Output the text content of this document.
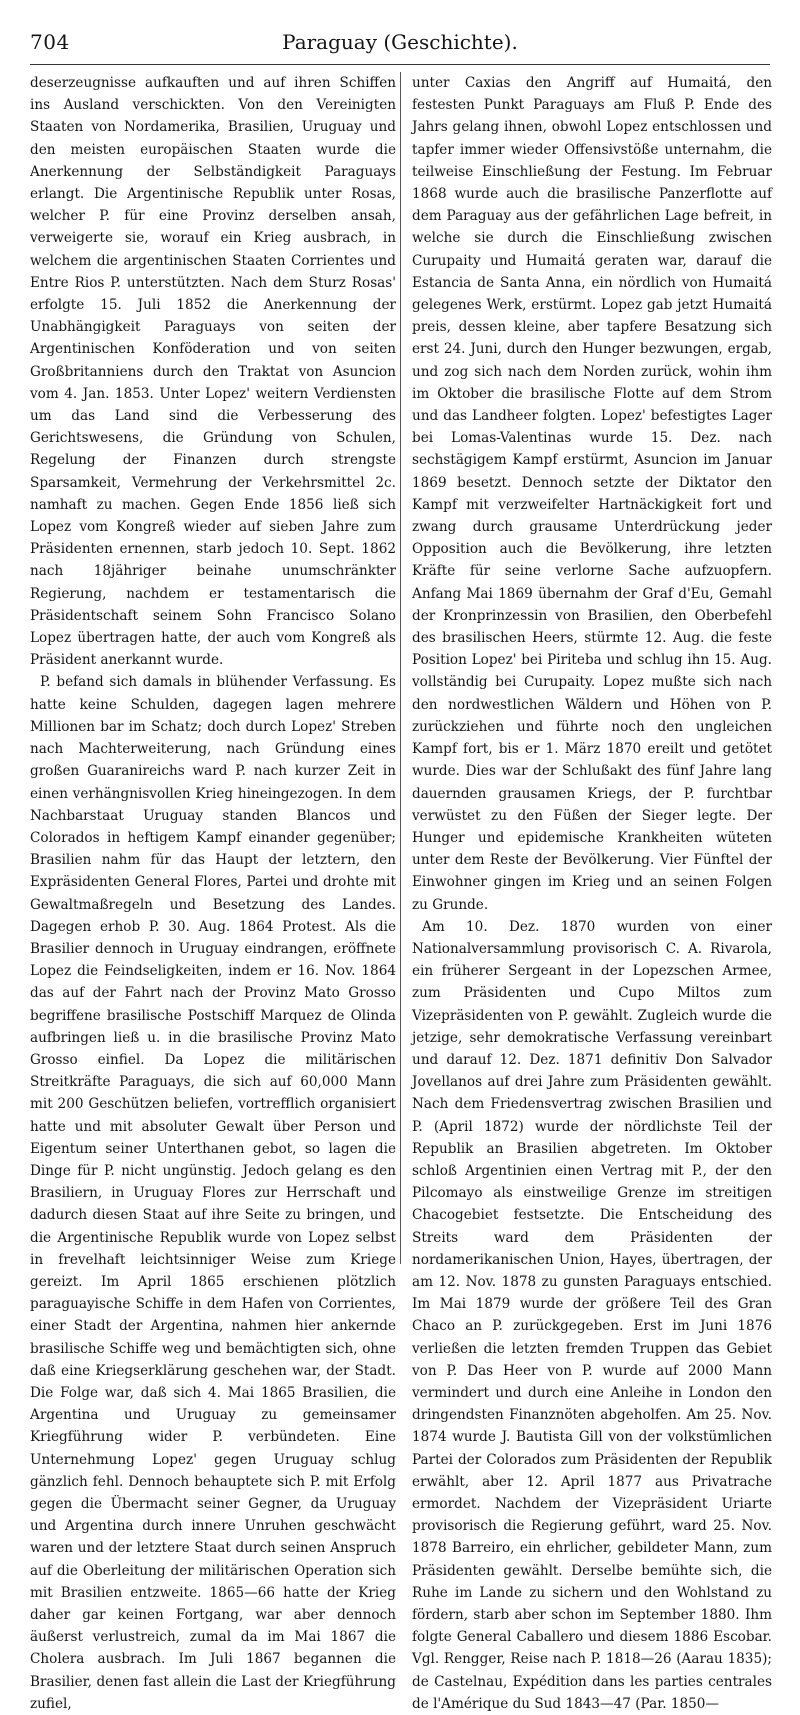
704	Paraguay (Geschichte).

deserzeugnisse aufkauften und auf ihren Schiffen ins Ausland verschickten. Von den Vereinigten Staaten von Nordamerika, Brasilien, Uruguay und den meisten europäischen Staaten wurde die Anerkennung der Selbständigkeit Paraguays erlangt. Die Argentinische Republik unter Rosas, welcher P. für eine Provinz derselben ansah, verweigerte sie, worauf ein Krieg ausbrach, in welchem die argentinischen Staaten Corrientes und Entre Rios P. unterstützten. Nach dem Sturz Rosas' erfolgte 15. Juli 1852 die Anerkennung der Unabhängigkeit Paraguays von seiten der Argentinischen Konföderation und von seiten Großbritanniens durch den Traktat von Asuncion vom 4. Jan. 1853. Unter Lopez' weitern Verdiensten um das Land sind die Verbesserung des Gerichtswesens, die Gründung von Schulen, Regelung der Finanzen durch strengste Sparsamkeit, Vermehrung der Verkehrsmittel 2c. namhaft zu machen. Gegen Ende 1856 ließ sich Lopez vom Kongreß wieder auf sieben Jahre zum Präsidenten ernennen, starb jedoch 10. Sept. 1862 nach 18jähriger beinahe unumschränkter Regierung, nachdem er testamentarisch die Präsidentschaft seinem Sohn Francisco Solano Lopez übertragen hatte, der auch vom Kongreß als Präsident anerkannt wurde.

P. befand sich damals in blühender Verfassung. Es hatte keine Schulden, dagegen lagen mehrere Millionen bar im Schatz; doch durch Lopez' Streben nach Machterweiterung, nach Gründung eines großen Guaranireichs ward P. nach kurzer Zeit in einen verhängnisvollen Krieg hineingezogen. In dem Nachbarstaat Uruguay standen Blancos und Colorados in heftigem Kampf einander gegenüber; Brasilien nahm für das Haupt der letztern, den Expräsidenten General Flores, Partei und drohte mit Gewaltmaßregeln und Besetzung des Landes. Dagegen erhob P. 30. Aug. 1864 Protest. Als die Brasilier dennoch in Uruguay eindrangen, eröffnete Lopez die Feindseligkeiten, indem er 16. Nov. 1864 das auf der Fahrt nach der Provinz Mato Grosso begriffene brasilische Postschiff Marquez de Olinda aufbringen ließ u. in die brasilische Provinz Mato Grosso einfiel. Da Lopez die militärischen Streitkräfte Paraguays, die sich auf 60,000 Mann mit 200 Geschützen beliefen, vortrefflich organisiert hatte und mit absoluter Gewalt über Person und Eigentum seiner Unterthanen gebot, so lagen die Dinge für P. nicht ungünstig. Jedoch gelang es den Brasiliern, in Uruguay Flores zur Herrschaft und dadurch diesen Staat auf ihre Seite zu bringen, und die Argentinische Republik wurde von Lopez selbst in frevelhaft leichtsinniger Weise zum Kriege gereizt. Im April 1865 erschienen plötzlich paraguayische Schiffe in dem Hafen von Corrientes, einer Stadt der Argentina, nahmen hier ankernde brasilische Schiffe weg und bemächtigten sich, ohne daß eine Kriegserklärung geschehen war, der Stadt. Die Folge war, daß sich 4. Mai 1865 Brasilien, die Argentina und Uruguay zu gemeinsamer Kriegführung wider P. verbündeten. Eine Unternehmung Lopez' gegen Uruguay schlug gänzlich fehl. Dennoch behauptete sich P. mit Erfolg gegen die Übermacht seiner Gegner, da Uruguay und Argentina durch innere Unruhen geschwächt waren und der letztere Staat durch seinen Anspruch auf die Oberleitung der militärischen Operation sich mit Brasilien entzweite. 1865—66 hatte der Krieg daher gar keinen Fortgang, war aber dennoch äußerst verlustreich, zumal da im Mai 1867 die Cholera ausbrach. Im Juli 1867 begannen die Brasilier, denen fast allein die Last der Kriegführung zufiel,

unter Caxias den Angriff auf Humaitá, den festesten Punkt Paraguays am Fluß P. Ende des Jahrs gelang ihnen, obwohl Lopez entschlossen und tapfer immer wieder Offensivstöße unternahm, die teilweise Einschließung der Festung. Im Februar 1868 wurde auch die brasilische Panzerflotte auf dem Paraguay aus der gefährlichen Lage befreit, in welche sie durch die Einschließung zwischen Curupaity und Humaitá geraten war, darauf die Estancia de Santa Anna, ein nördlich von Humaitá gelegenes Werk, erstürmt. Lopez gab jetzt Humaitá preis, dessen kleine, aber tapfere Besatzung sich erst 24. Juni, durch den Hunger bezwungen, ergab, und zog sich nach dem Norden zurück, wohin ihm im Oktober die brasilische Flotte auf dem Strom und das Landheer folgten. Lopez' befestigtes Lager bei Lomas-Valentinas wurde 15. Dez. nach sechstägigem Kampf erstürmt, Asuncion im Januar 1869 besetzt. Dennoch setzte der Diktator den Kampf mit verzweifelter Hartnäckigkeit fort und zwang durch grausame Unterdrückung jeder Opposition auch die Bevölkerung, ihre letzten Kräfte für seine verlorne Sache aufzuopfern. Anfang Mai 1869 übernahm der Graf d'Eu, Gemahl der Kronprinzessin von Brasilien, den Oberbefehl des brasilischen Heers, stürmte 12. Aug. die feste Position Lopez' bei Piriteba und schlug ihn 15. Aug. vollständig bei Curupaity. Lopez mußte sich nach den nordwestlichen Wäldern und Höhen von P. zurückziehen und führte noch den ungleichen Kampf fort, bis er 1. März 1870 ereilt und getötet wurde. Dies war der Schlußakt des fünf Jahre lang dauernden grausamen Kriegs, der P. furchtbar verwüstet zu den Füßen der Sieger legte. Der Hunger und epidemische Krankheiten wüteten unter dem Reste der Bevölkerung. Vier Fünftel der Einwohner gingen im Krieg und an seinen Folgen zu Grunde.

Am 10. Dez. 1870 wurden von einer Nationalversammlung provisorisch C. A. Rivarola, ein früherer Sergeant in der Lopezschen Armee, zum Präsidenten und Cupo Miltos zum Vizepräsidenten von P. gewählt. Zugleich wurde die jetzige, sehr demokratische Verfassung vereinbart und darauf 12. Dez. 1871 definitiv Don Salvador Jovellanos auf drei Jahre zum Präsidenten gewählt. Nach dem Friedensvertrag zwischen Brasilien und P. (April 1872) wurde der nördlichste Teil der Republik an Brasilien abgetreten. Im Oktober schloß Argentinien einen Vertrag mit P., der den Pilcomayo als einstweilige Grenze im streitigen Chacogebiet festsetzte. Die Entscheidung des Streits ward dem Präsidenten der nordamerikanischen Union, Hayes, übertragen, der am 12. Nov. 1878 zu gunsten Paraguays entschied. Im Mai 1879 wurde der größere Teil des Gran Chaco an P. zurückgegeben. Erst im Juni 1876 verließen die letzten fremden Truppen das Gebiet von P. Das Heer von P. wurde auf 2000 Mann vermindert und durch eine Anleihe in London den dringendsten Finanznöten abgeholfen. Am 25. Nov. 1874 wurde J. Bautista Gill von der volkstümlichen Partei der Colorados zum Präsidenten der Republik erwählt, aber 12. April 1877 aus Privatrache ermordet. Nachdem der Vizepräsident Uriarte provisorisch die Regierung geführt, ward 25. Nov. 1878 Barreiro, ein ehrlicher, gebildeter Mann, zum Präsidenten gewählt. Derselbe bemühte sich, die Ruhe im Lande zu sichern und den Wohlstand zu fördern, starb aber schon im September 1880. Ihm folgte General Caballero und diesem 1886 Escobar. Vgl. Rengger, Reise nach P. 1818—26 (Aarau 1835); de Castelnau, Expédition dans les parties centrales de l'Amérique du Sud 1843—47 (Par. 1850—
